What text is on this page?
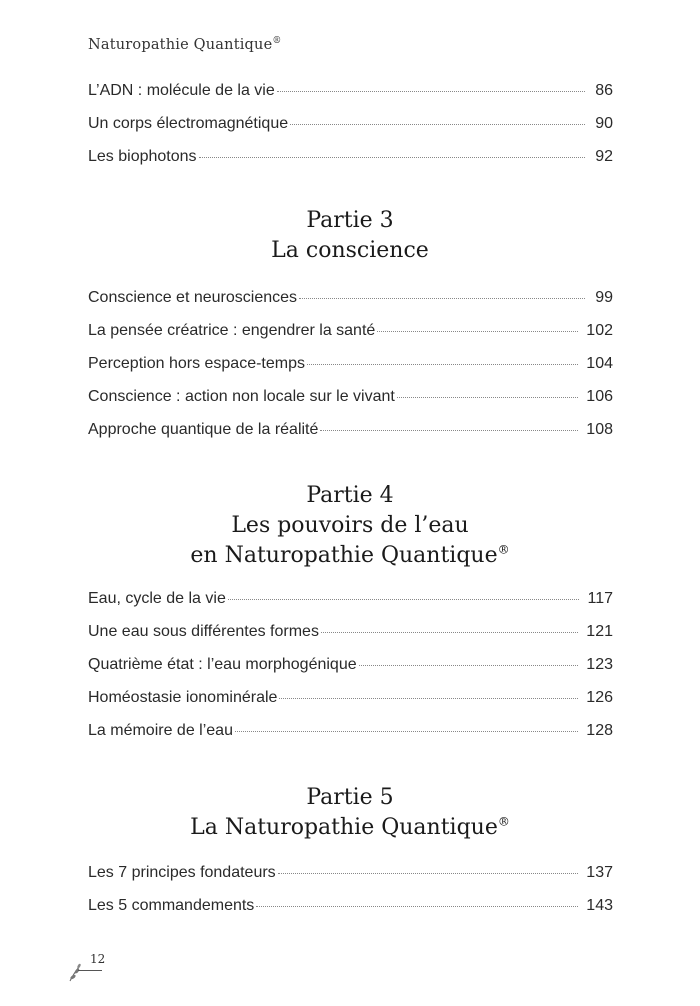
Naturopathie Quantique®
L’ADN : molécule de la vie	86
Un corps électromagnétique	90
Les biophotons	92
Partie 3
La conscience
Conscience et neurosciences	99
La pensée créatrice : engendrer la santé	102
Perception hors espace-temps	104
Conscience : action non locale sur le vivant	106
Approche quantique de la réalité	108
Partie 4
Les pouvoirs de l’eau
en Naturopathie Quantique®
Eau, cycle de la vie	117
Une eau sous différentes formes	121
Quatrième état : l’eau morphogénique	123
Homéostasie ionominérale	126
La mémoire de l’eau	128
Partie 5
La Naturopathie Quantique®
Les 7 principes fondateurs	137
Les 5 commandements	143
12
